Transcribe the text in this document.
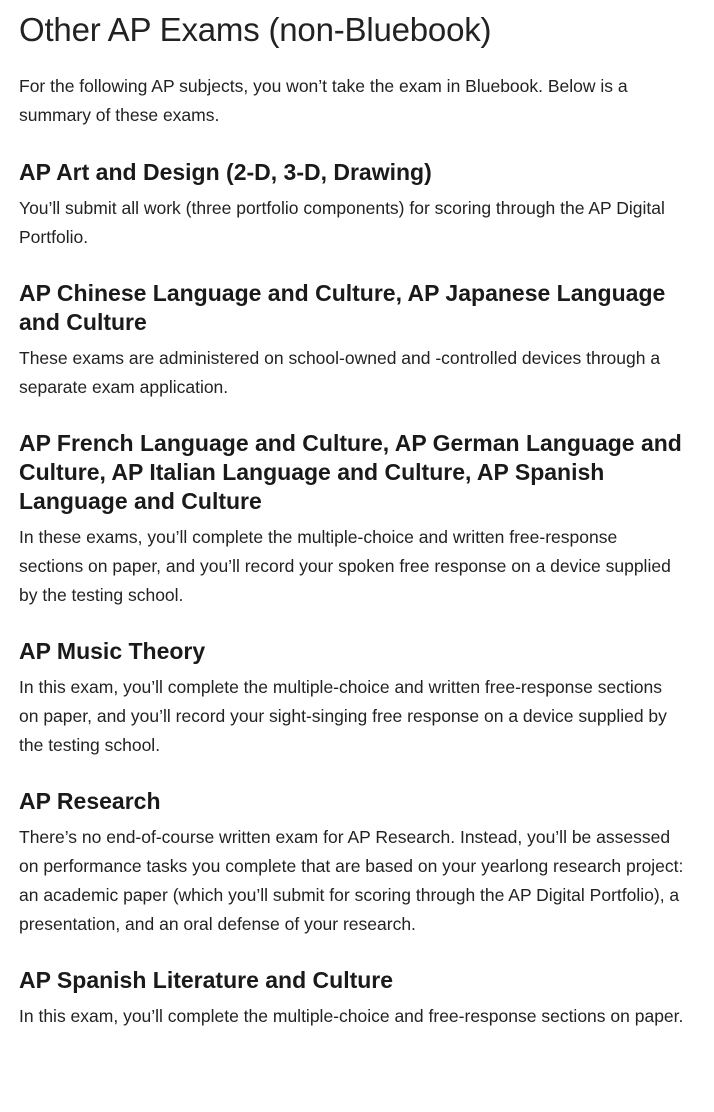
Other AP Exams (non-Bluebook)

For the following AP subjects, you won’t take the exam in Bluebook. Below is a summary of these exams.

AP Art and Design (2-D, 3-D, Drawing)

You’ll submit all work (three portfolio components) for scoring through the AP Digital Portfolio.

AP Chinese Language and Culture, AP Japanese Language and Culture

These exams are administered on school-owned and -controlled devices through a separate exam application.

AP French Language and Culture, AP German Language and Culture, AP Italian Language and Culture, AP Spanish Language and Culture

In these exams, you’ll complete the multiple-choice and written free-response sections on paper, and you’ll record your spoken free response on a device supplied by the testing school.

AP Music Theory

In this exam, you’ll complete the multiple-choice and written free-response sections on paper, and you’ll record your sight-singing free response on a device supplied by the testing school.

AP Research

There’s no end-of-course written exam for AP Research. Instead, you’ll be assessed on performance tasks you complete that are based on your yearlong research project: an academic paper (which you’ll submit for scoring through the AP Digital Portfolio), a presentation, and an oral defense of your research.

AP Spanish Literature and Culture

In this exam, you’ll complete the multiple-choice and free-response sections on paper.
